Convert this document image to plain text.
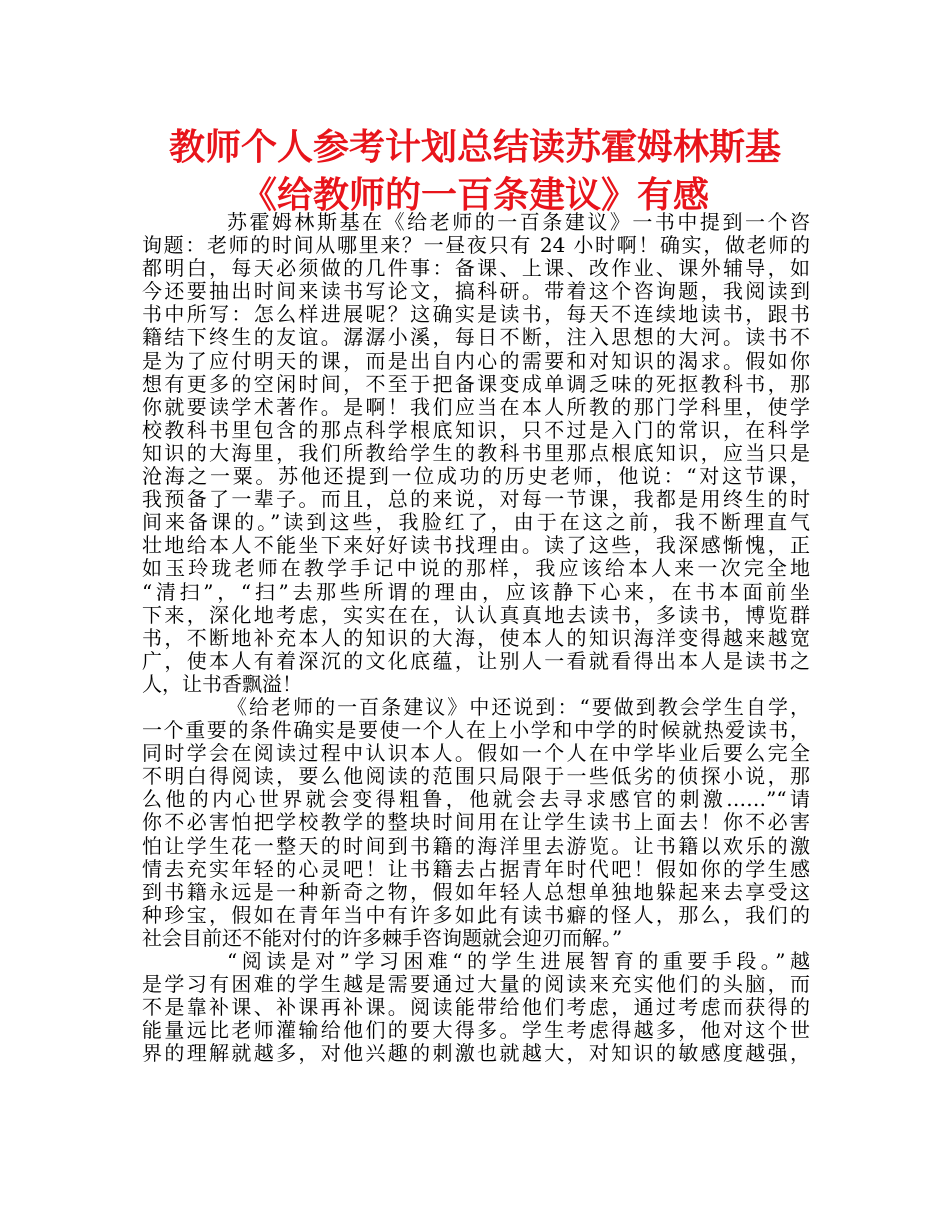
教师个人参考计划总结读苏霍姆林斯基
《给教师的一百条建议》有感
苏霍姆林斯基在《给老师的一百条建议》一书中提到一个咨
询题：老师的时间从哪里来？一昼夜只有 24 小时啊！确实，做老师的
都明白，每天必须做的几件事：备课、上课、改作业、课外辅导，如
今还要抽出时间来读书写论文，搞科研。带着这个咨询题，我阅读到
书中所写：怎么样进展呢？这确实是读书，每天不连续地读书，跟书
籍结下终生的友谊。潺潺小溪，每日不断，注入思想的大河。读书不
是为了应付明天的课，而是出自内心的需要和对知识的渴求。假如你
想有更多的空闲时间，不至于把备课变成单调乏味的死抠教科书，那
你就要读学术著作。是啊！我们应当在本人所教的那门学科里，使学
校教科书里包含的那点科学根底知识，只不过是入门的常识，在科学
知识的大海里，我们所教给学生的教科书里那点根底知识，应当只是
沧海之一粟。苏他还提到一位成功的历史老师，他说：“对这节课，
我预备了一辈子。而且，总的来说，对每一节课，我都是用终生的时
间来备课的。”读到这些，我脸红了，由于在这之前，我不断理直气
壮地给本人不能坐下来好好读书找理由。读了这些，我深感惭愧，正
如玉玲珑老师在教学手记中说的那样，我应该给本人来一次完全地
“清扫”，“扫”去那些所谓的理由，应该静下心来，在书本面前坐
下来，深化地考虑，实实在在，认认真真地去读书，多读书，博览群
书，不断地补充本人的知识的大海，使本人的知识海洋变得越来越宽
广，使本人有着深沉的文化底蕴，让别人一看就看得出本人是读书之
人，让书香飘溢！
《给老师的一百条建议》中还说到：“要做到教会学生自学，
一个重要的条件确实是要使一个人在上小学和中学的时候就热爱读书，
同时学会在阅读过程中认识本人。假如一个人在中学毕业后要么完全
不明白得阅读，要么他阅读的范围只局限于一些低劣的侦探小说，那
么他的内心世界就会变得粗鲁，他就会去寻求感官的刺激……”“请
你不必害怕把学校教学的整块时间用在让学生读书上面去！你不必害
怕让学生花一整天的时间到书籍的海洋里去游览。让书籍以欢乐的激
情去充实年轻的心灵吧！让书籍去占据青年时代吧！假如你的学生感
到书籍永远是一种新奇之物，假如年轻人总想单独地躲起来去享受这
种珍宝，假如在青年当中有许多如此有读书癖的怪人，那么，我们的
社会目前还不能对付的许多棘手咨询题就会迎刃而解。”
“阅读是对”学习困难“的学生进展智育的重要手段。”越
是学习有困难的学生越是需要通过大量的阅读来充实他们的头脑，而
不是靠补课、补课再补课。阅读能带给他们考虑，通过考虑而获得的
能量远比老师灌输给他们的要大得多。学生考虑得越多，他对这个世
界的理解就越多，对他兴趣的刺激也就越大，对知识的敏感度越强，
